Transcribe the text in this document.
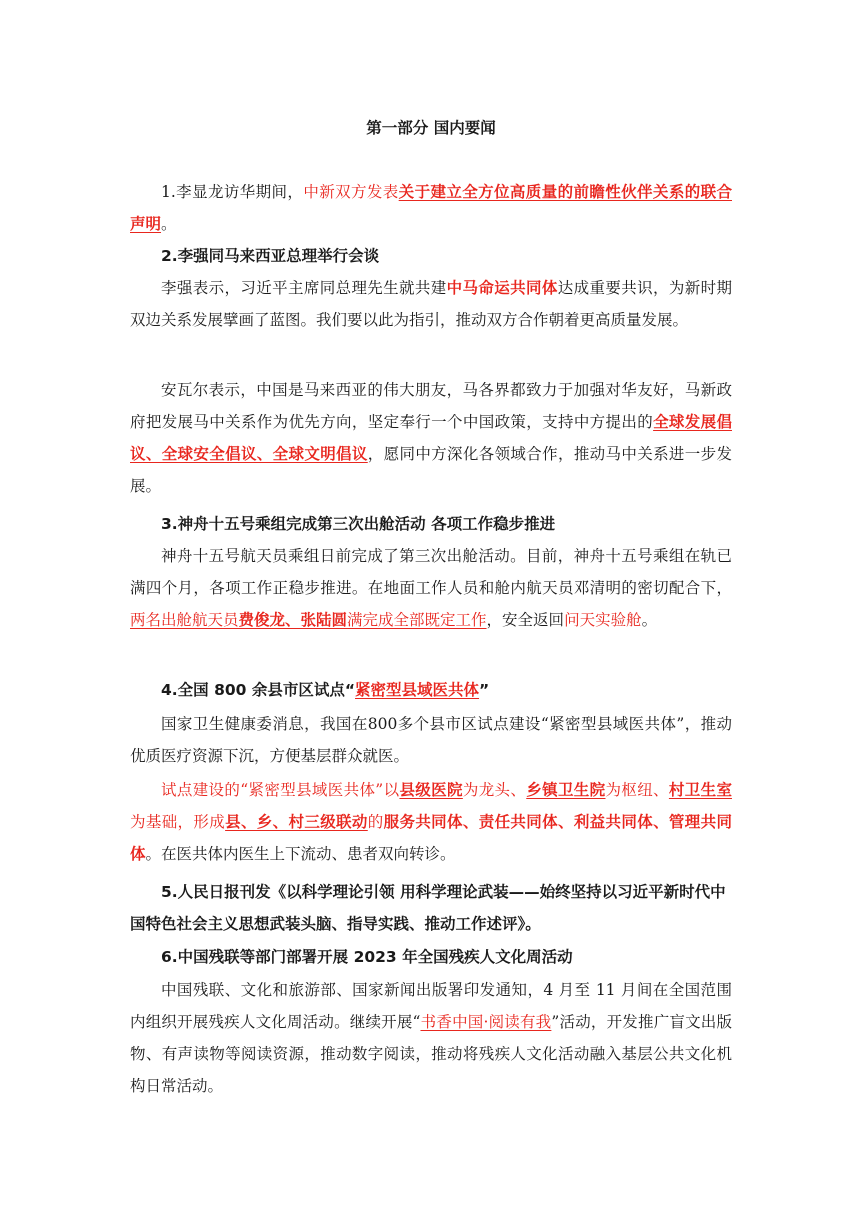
第一部分 国内要闻

1.李显龙访华期间，中新双方发表关于建立全方位高质量的前瞻性伙伴关系的联合声明。

2.李强同马来西亚总理举行会谈

李强表示，习近平主席同总理先生就共建中马命运共同体达成重要共识，为新时期双边关系发展擘画了蓝图。我们要以此为指引，推动双方合作朝着更高质量发展。

安瓦尔表示，中国是马来西亚的伟大朋友，马各界都致力于加强对华友好，马新政府把发展马中关系作为优先方向，坚定奉行一个中国政策，支持中方提出的全球发展倡议、全球安全倡议、全球文明倡议，愿同中方深化各领域合作，推动马中关系进一步发展。

3.神舟十五号乘组完成第三次出舱活动 各项工作稳步推进

神舟十五号航天员乘组日前完成了第三次出舱活动。目前，神舟十五号乘组在轨已满四个月，各项工作正稳步推进。在地面工作人员和舱内航天员邓清明的密切配合下，两名出舱航天员费俊龙、张陆圆满完成全部既定工作，安全返回问天实验舱。

4.全国 800 余县市区试点“紧密型县域医共体”

国家卫生健康委消息，我国在800多个县市区试点建设“紧密型县域医共体”，推动优质医疗资源下沉，方便基层群众就医。

试点建设的“紧密型县域医共体”以县级医院为龙头、乡镇卫生院为枢纽、村卫生室为基础，形成县、乡、村三级联动的服务共同体、责任共同体、利益共同体、管理共同体。在医共体内医生上下流动、患者双向转诊。

5.人民日报刊发《以科学理论引领 用科学理论武装——始终坚持以习近平新时代中国特色社会主义思想武装头脑、指导实践、推动工作述评》。

6.中国残联等部门部署开展 2023 年全国残疾人文化周活动

中国残联、文化和旅游部、国家新闻出版署印发通知，4 月至 11 月间在全国范围内组织开展残疾人文化周活动。继续开展“书香中国·阅读有我”活动，开发推广盲文出版物、有声读物等阅读资源，推动数字阅读，推动将残疾人文化活动融入基层公共文化机构日常活动。
